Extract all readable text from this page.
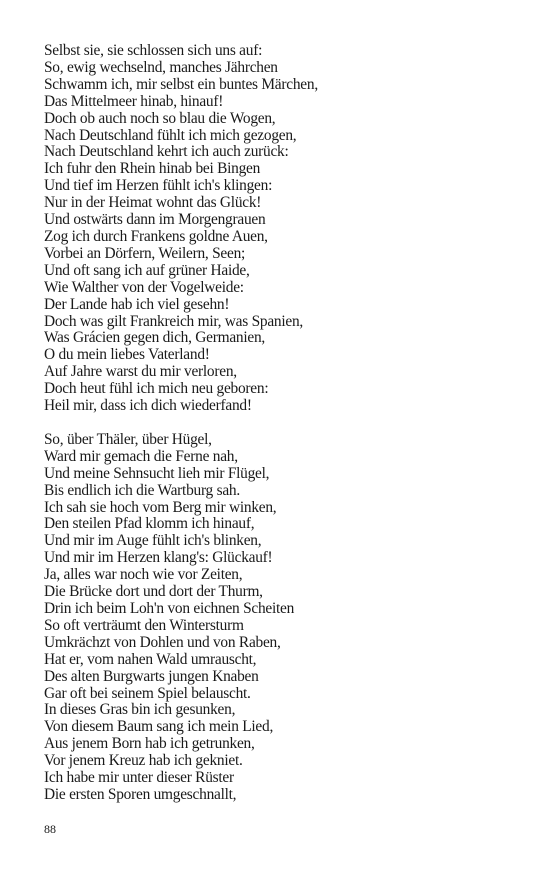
Selbst sie, sie schlossen sich uns auf:
So, ewig wechselnd, manches Jährchen
Schwamm ich, mir selbst ein buntes Märchen,
Das Mittelmeer hinab, hinauf!
Doch ob auch noch so blau die Wogen,
Nach Deutschland fühlt ich mich gezogen,
Nach Deutschland kehrt ich auch zurück:
Ich fuhr den Rhein hinab bei Bingen
Und tief im Herzen fühlt ich's klingen:
Nur in der Heimat wohnt das Glück!
Und ostwärts dann im Morgengrauen
Zog ich durch Frankens goldne Auen,
Vorbei an Dörfern, Weilern, Seen;
Und oft sang ich auf grüner Haide,
Wie Walther von der Vogelweide:
Der Lande hab ich viel gesehn!
Doch was gilt Frankreich mir, was Spanien,
Was Grácien gegen dich, Germanien,
O du mein liebes Vaterland!
Auf Jahre warst du mir verloren,
Doch heut fühl ich mich neu geboren:
Heil mir, dass ich dich wiederfand!
So, über Thäler, über Hügel,
Ward mir gemach die Ferne nah,
Und meine Sehnsucht lieh mir Flügel,
Bis endlich ich die Wartburg sah.
Ich sah sie hoch vom Berg mir winken,
Den steilen Pfad klomm ich hinauf,
Und mir im Auge fühlt ich's blinken,
Und mir im Herzen klang's: Glückauf!
Ja, alles war noch wie vor Zeiten,
Die Brücke dort und dort der Thurm,
Drin ich beim Loh'n von eichnen Scheiten
So oft verträumt den Wintersturm
Umkrächzt von Dohlen und von Raben,
Hat er, vom nahen Wald umrauscht,
Des alten Burgwarts jungen Knaben
Gar oft bei seinem Spiel belauscht.
In dieses Gras bin ich gesunken,
Von diesem Baum sang ich mein Lied,
Aus jenem Born hab ich getrunken,
Vor jenem Kreuz hab ich gekniet.
Ich habe mir unter dieser Rüster
Die ersten Sporen umgeschnallt,
88
